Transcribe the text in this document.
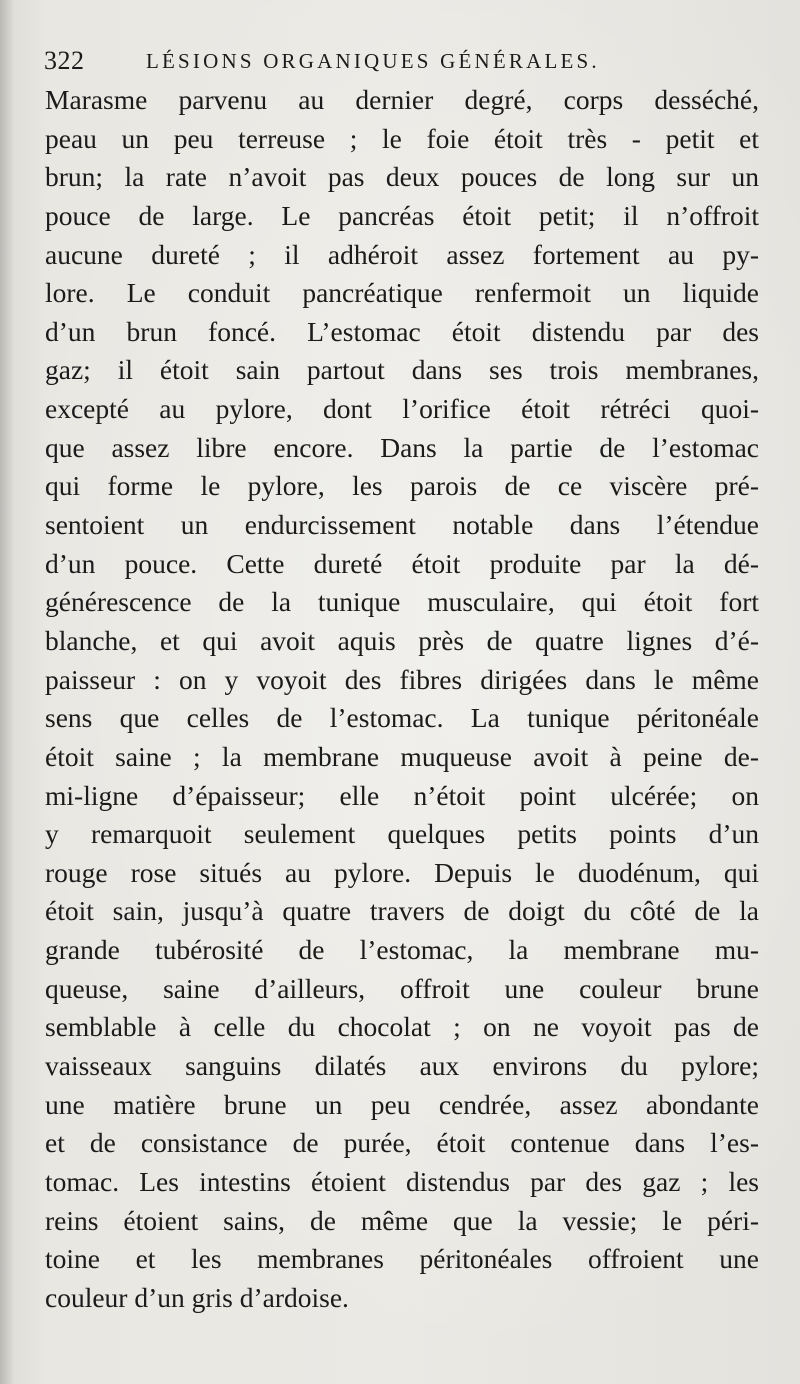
322	LÉSIONS ORGANIQUES GÉNÉRALES.
Marasme parvenu au dernier degré, corps desséché,
peau un peu terreuse ; le foie étoit très - petit et
brun; la rate n’avoit pas deux pouces de long sur un
pouce de large. Le pancréas étoit petit; il n’offroit
aucune dureté ; il adhéroit assez fortement au py-
lore. Le conduit pancréatique renfermoit un liquide
d’un brun foncé. L’estomac étoit distendu par des
gaz; il étoit sain partout dans ses trois membranes,
excepté au pylore, dont l’orifice étoit rétréci quoi-
que assez libre encore. Dans la partie de l’estomac
qui forme le pylore, les parois de ce viscère pré-
sentoient un endurcissement notable dans l’étendue
d’un pouce. Cette dureté étoit produite par la dé-
générescence de la tunique musculaire, qui étoit fort
blanche, et qui avoit aquis près de quatre lignes d’é-
paisseur : on y voyoit des fibres dirigées dans le même
sens que celles de l’estomac. La tunique péritonéale
étoit saine ; la membrane muqueuse avoit à peine de-
mi-ligne d’épaisseur; elle n’étoit point ulcérée; on
y remarquoit seulement quelques petits points d’un
rouge rose situés au pylore. Depuis le duodénum, qui
étoit sain, jusqu’à quatre travers de doigt du côté de la
grande tubérosité de l’estomac, la membrane mu-
queuse, saine d’ailleurs, offroit une couleur brune
semblable à celle du chocolat ; on ne voyoit pas de
vaisseaux sanguins dilatés aux environs du pylore;
une matière brune un peu cendrée, assez abondante
et de consistance de purée, étoit contenue dans l’es-
tomac. Les intestins étoient distendus par des gaz ; les
reins étoient sains, de même que la vessie; le péri-
toine et les membranes péritonéales offroient une
couleur d’un gris d’ardoise.
